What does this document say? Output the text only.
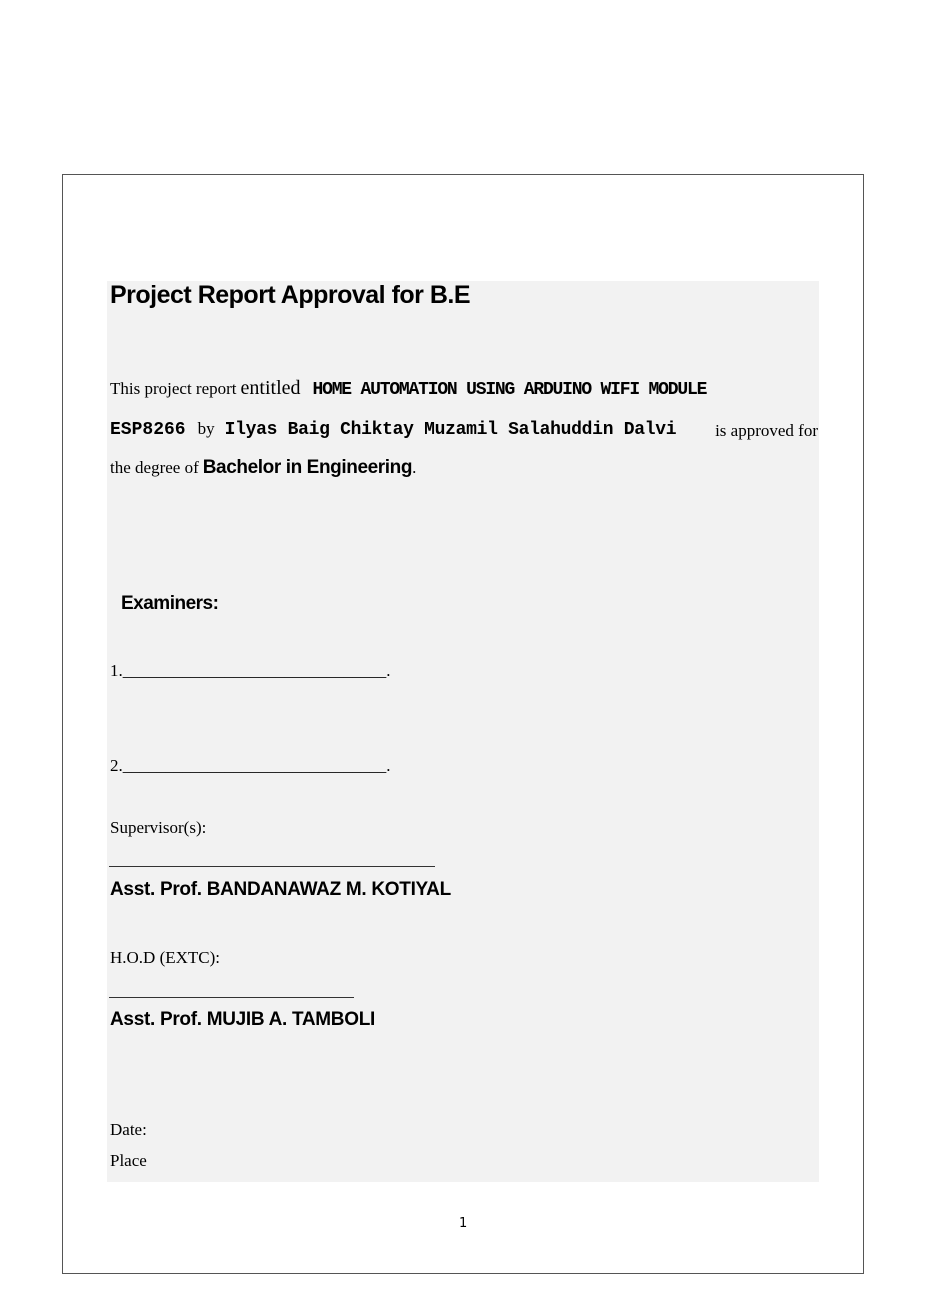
Project Report Approval for B.E
This project report entitled HOME AUTOMATION USING ARDUINO WIFI MODULE
ESP8266 by Ilyas Baig Chiktay Muzamil Salahuddin Dalvi is approved for
the degree of Bachelor in Engineering.
Examiners:
1._______________________________.
2._______________________________.
Supervisor(s):
Asst. Prof. BANDANAWAZ M. KOTIYAL
H.O.D (EXTC):
Asst. Prof. MUJIB A. TAMBOLI
Date:
Place
1
